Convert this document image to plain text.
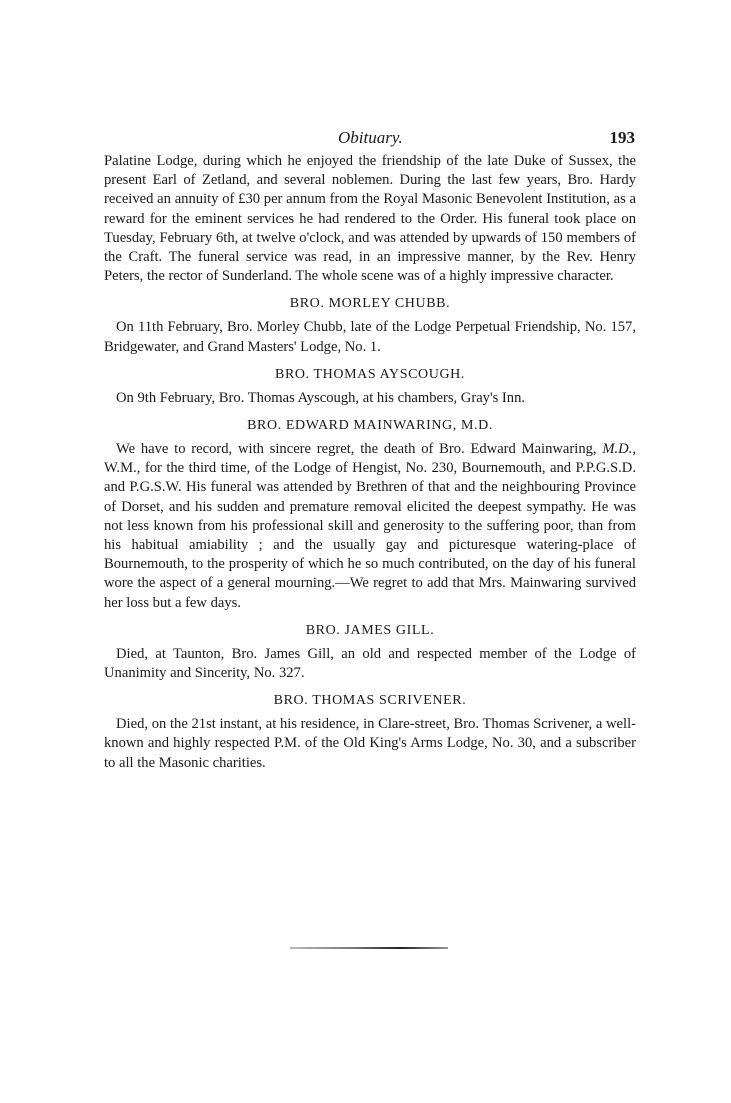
Obituary.	193

Palatine Lodge, during which he enjoyed the friendship of the late Duke of Sussex, the present Earl of Zetland, and several noblemen. During the last few years, Bro. Hardy received an annuity of £30 per annum from the Royal Masonic Benevolent Institution, as a reward for the eminent services he had rendered to the Order. His funeral took place on Tuesday, February 6th, at twelve o'clock, and was attended by upwards of 150 members of the Craft. The funeral service was read, in an impressive manner, by the Rev. Henry Peters, the rector of Sunderland. The whole scene was of a highly impressive character.

BRO. MORLEY CHUBB.

On 11th February, Bro. Morley Chubb, late of the Lodge Perpetual Friendship, No. 157, Bridgewater, and Grand Masters' Lodge, No. 1.

BRO. THOMAS AYSCOUGH.

On 9th February, Bro. Thomas Ayscough, at his chambers, Gray's Inn.

BRO. EDWARD MAINWARING, M.D.

We have to record, with sincere regret, the death of Bro. Edward Mainwaring, M.D., W.M., for the third time, of the Lodge of Hengist, No. 230, Bournemouth, and P.P.G.S.D. and P.G.S.W. His funeral was attended by Brethren of that and the neighbouring Province of Dorset, and his sudden and premature removal elicited the deepest sympathy. He was not less known from his professional skill and generosity to the suffering poor, than from his habitual amiability ; and the usually gay and picturesque watering-place of Bournemouth, to the prosperity of which he so much contributed, on the day of his funeral wore the aspect of a general mourning.—We regret to add that Mrs. Mainwaring survived her loss but a few days.

BRO. JAMES GILL.

Died, at Taunton, Bro. James Gill, an old and respected member of the Lodge of Unanimity and Sincerity, No. 327.

BRO. THOMAS SCRIVENER.

Died, on the 21st instant, at his residence, in Clare-street, Bro. Thomas Scrivener, a well-known and highly respected P.M. of the Old King's Arms Lodge, No. 30, and a subscriber to all the Masonic charities.
